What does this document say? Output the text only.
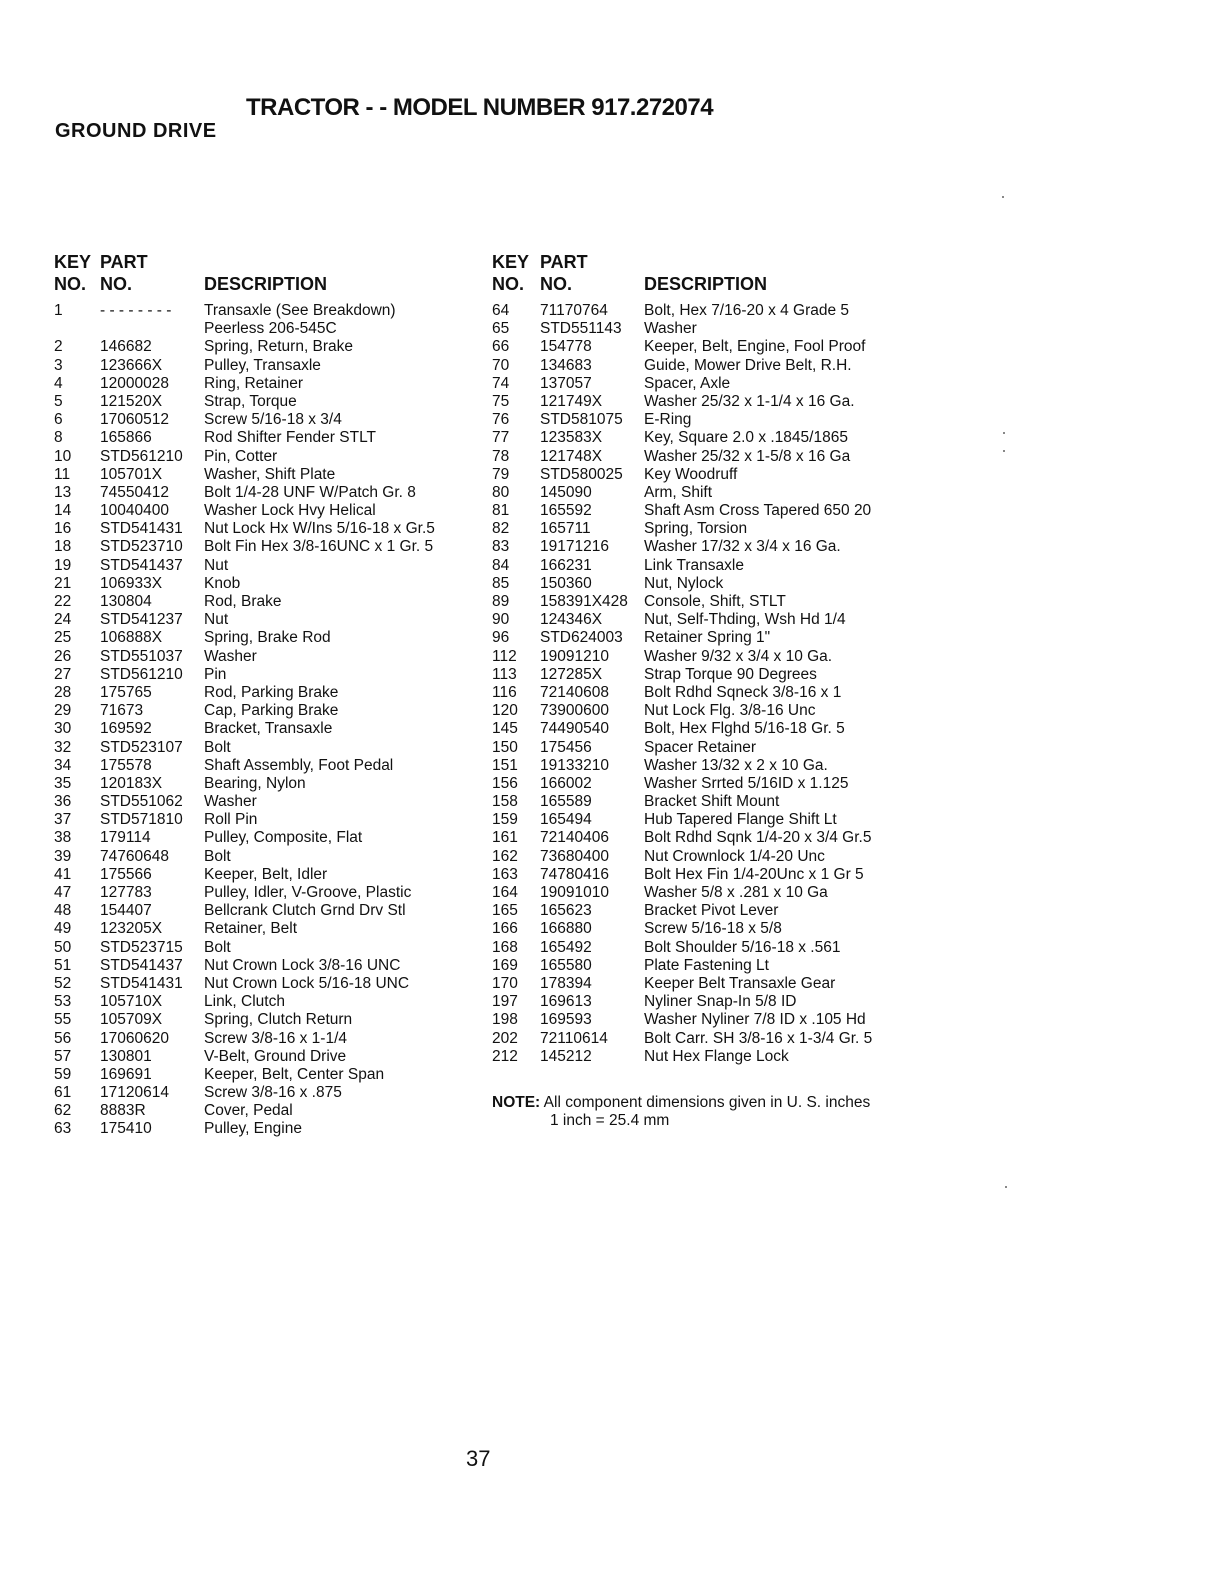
TRACTOR - - MODEL NUMBER 917.272074
GROUND DRIVE
KEY PART
NO. NO.	DESCRIPTION
1 - - - - - - - - Transaxle (See Breakdown)
Peerless 206-545C
2 146682	Spring, Return, Brake
3 123666X	Pulley, Transaxle
4 12000028 Ring, Retainer
5 121520X	Strap, Torque
6 17060512 Screw 5/16-18 x 3/4
8 165866	Rod Shifter Fender STLT
10 STD561210 Pin, Cotter
11 105701X	Washer, Shift Plate
13 74550412 Bolt 1/4-28 UNF W/Patch Gr. 8
14 10040400 Washer Lock Hvy Helical
16 STD541431 Nut Lock Hx W/Ins 5/16-18 x Gr.5
18 STD523710 Bolt Fin Hex 3/8-16UNC x 1 Gr. 5
19 STD541437 Nut
21 106933X	Knob
22 130804	Rod, Brake
24 STD541237 Nut
25 106888X	Spring, Brake Rod
26 STD551037 Washer
27 STD561210 Pin
28 175765	Rod, Parking Brake
29 71673	Cap, Parking Brake
30 169592	Bracket, Transaxle
32 STD523107 Bolt
34 175578	Shaft Assembly, Foot Pedal
35 120183X	Bearing, Nylon
36 STD551062 Washer
37 STD571810 Roll Pin
38 179114	Pulley, Composite, Flat
39 74760648 Bolt
41 175566	Keeper, Belt, Idler
47 127783	Pulley, Idler, V-Groove, Plastic
48 154407	Bellcrank Clutch Grnd Drv Stl
49 123205X	Retainer, Belt
50 STD523715 Bolt
51 STD541437 Nut Crown Lock 3/8-16 UNC
52 STD541431 Nut Crown Lock 5/16-18 UNC
53 105710X	Link, Clutch
55 105709X	Spring, Clutch Return
56 17060620 Screw 3/8-16 x 1-1/4
57 130801	V-Belt, Ground Drive
59 169691	Keeper, Belt, Center Span
61 17120614 Screw 3/8-16 x .875
62 8883R	Cover, Pedal
63 175410	Pulley, Engine
KEY PART
NO. NO.	DESCRIPTION
64 71170764 Bolt, Hex 7/16-20 x 4 Grade 5
65 STD551143 Washer
66 154778	Keeper, Belt, Engine, Fool Proof
70 134683	Guide, Mower Drive Belt, R.H.
74 137057	Spacer, Axle
75 121749X	Washer 25/32 x 1-1/4 x 16 Ga.
76 STD581075 E-Ring
77 123583X	Key, Square 2.0 x .1845/1865
78 121748X	Washer 25/32 x 1-5/8 x 16 Ga
79 STD580025 Key Woodruff
80 145090	Arm, Shift
81 165592	Shaft Asm Cross Tapered 650 20
82 165711	Spring, Torsion
83 19171216 Washer 17/32 x 3/4 x 16 Ga.
84 166231	Link Transaxle
85 150360	Nut, Nylock
89 158391X428 Console, Shift, STLT
90 124346X	Nut, Self-Thding, Wsh Hd 1/4
96 STD624003 Retainer Spring 1"
112 19091210 Washer 9/32 x 3/4 x 10 Ga.
113 127285X	Strap Torque 90 Degrees
116 72140608 Bolt Rdhd Sqneck 3/8-16 x 1
120 73900600 Nut Lock Flg. 3/8-16 Unc
145 74490540 Bolt, Hex Flghd 5/16-18 Gr. 5
150 175456	Spacer Retainer
151 19133210 Washer 13/32 x 2 x 10 Ga.
156 166002	Washer Srrted 5/16ID x 1.125
158 165589	Bracket Shift Mount
159 165494	Hub Tapered Flange Shift Lt
161 72140406 Bolt Rdhd Sqnk 1/4-20 x 3/4 Gr.5
162 73680400 Nut Crownlock 1/4-20 Unc
163 74780416 Bolt Hex Fin 1/4-20Unc x 1 Gr 5
164 19091010 Washer 5/8 x .281 x 10 Ga
165 165623	Bracket Pivot Lever
166 166880	Screw 5/16-18 x 5/8
168 165492	Bolt Shoulder 5/16-18 x .561
169 165580	Plate Fastening Lt
170 178394	Keeper Belt Transaxle Gear
197 169613	Nyliner Snap-In 5/8 ID
198 169593	Washer Nyliner 7/8 ID x .105 Hd
202 72110614 Bolt Carr. SH 3/8-16 x 1-3/4 Gr. 5
212 145212	Nut Hex Flange Lock
NOTE: All component dimensions given in U. S. inches
1 inch = 25.4 mm
37
